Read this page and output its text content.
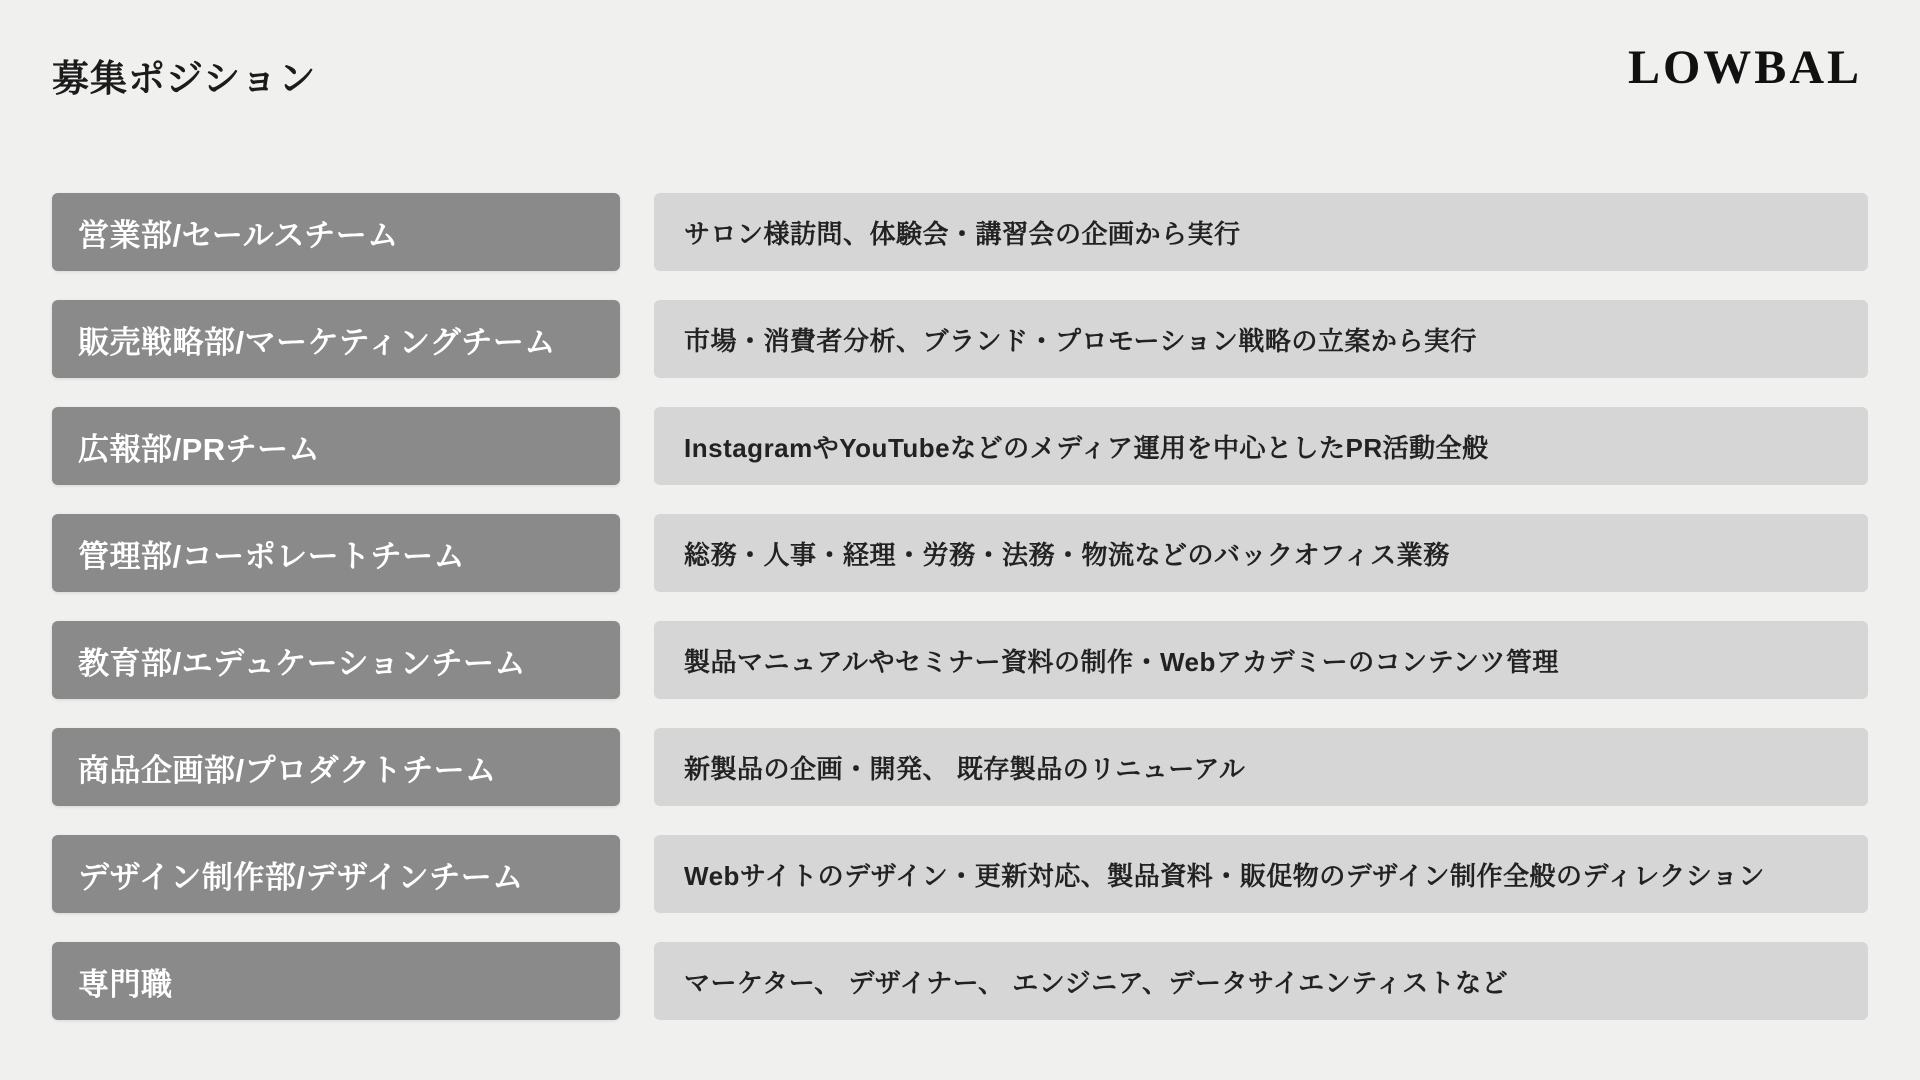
募集ポジション	LOWBAL
営業部/セールスチーム	サロン様訪問、体験会・講習会の企画から実行
販売戦略部/マーケティングチーム	市場・消費者分析、ブランド・プロモーション戦略の立案から実行
広報部/PRチーム	InstagramやYouTubeなどのメディア運用を中心としたPR活動全般
管理部/コーポレートチーム	総務・人事・経理・労務・法務・物流などのバックオフィス業務
教育部/エデュケーションチーム	製品マニュアルやセミナー資料の制作・Webアカデミーのコンテンツ管理
商品企画部/プロダクトチーム	新製品の企画・開発、 既存製品のリニューアル
デザイン制作部/デザインチーム	Webサイトのデザイン・更新対応、製品資料・販促物のデザイン制作全般のディレクション
専門職	マーケター、 デザイナー、 エンジニア、データサイエンティストなど
